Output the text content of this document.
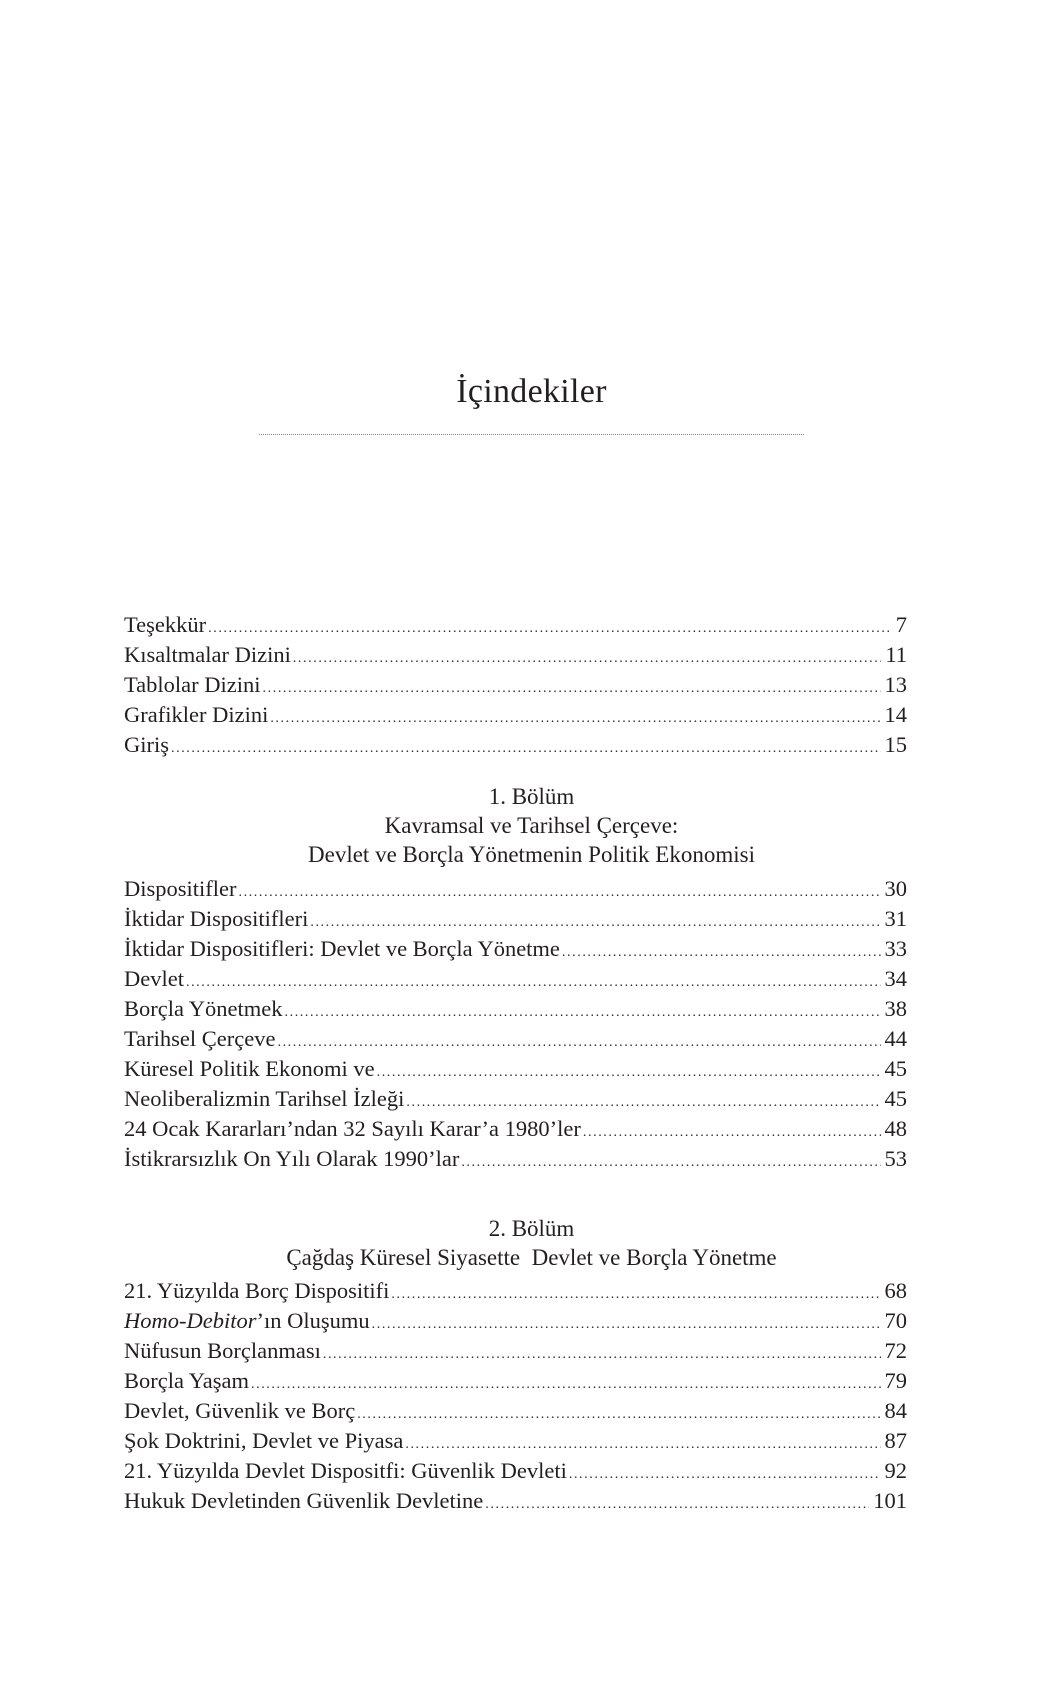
İçindekiler
Teşekkür .....	7
Kısaltmalar Dizini .....	11
Tablolar Dizini .....	13
Grafikler Dizini .....	14
Giriş .....	15
1. Bölüm
Kavramsal ve Tarihsel Çerçeve:
Devlet ve Borçla Yönetmenin Politik Ekonomisi
Dispositifler .....	30
İktidar Dispositifleri .....	31
İktidar Dispositifleri: Devlet ve Borçla Yönetme .....	33
Devlet .....	34
Borçla Yönetmek .....	38
Tarihsel Çerçeve .....	44
Küresel Politik Ekonomi ve .....	45
Neoliberalizmin Tarihsel İzleği .....	45
24 Ocak Kararları’ndan 32 Sayılı Karar’a 1980’ler .....	48
İstikrarsızlık On Yılı Olarak 1990’lar .....	53
2. Bölüm
Çağdaş Küresel Siyasette  Devlet ve Borçla Yönetme
21. Yüzyılda Borç Dispositifi .....	68
Homo-Debitor’ın Oluşumu .....	70
Nüfusun Borçlanması .....	72
Borçla Yaşam .....	79
Devlet, Güvenlik ve Borç .....	84
Şok Doktrini, Devlet ve Piyasa .....	87
21. Yüzyılda Devlet Dispositfi: Güvenlik Devleti .....	92
Hukuk Devletinden Güvenlik Devletine .....	101
